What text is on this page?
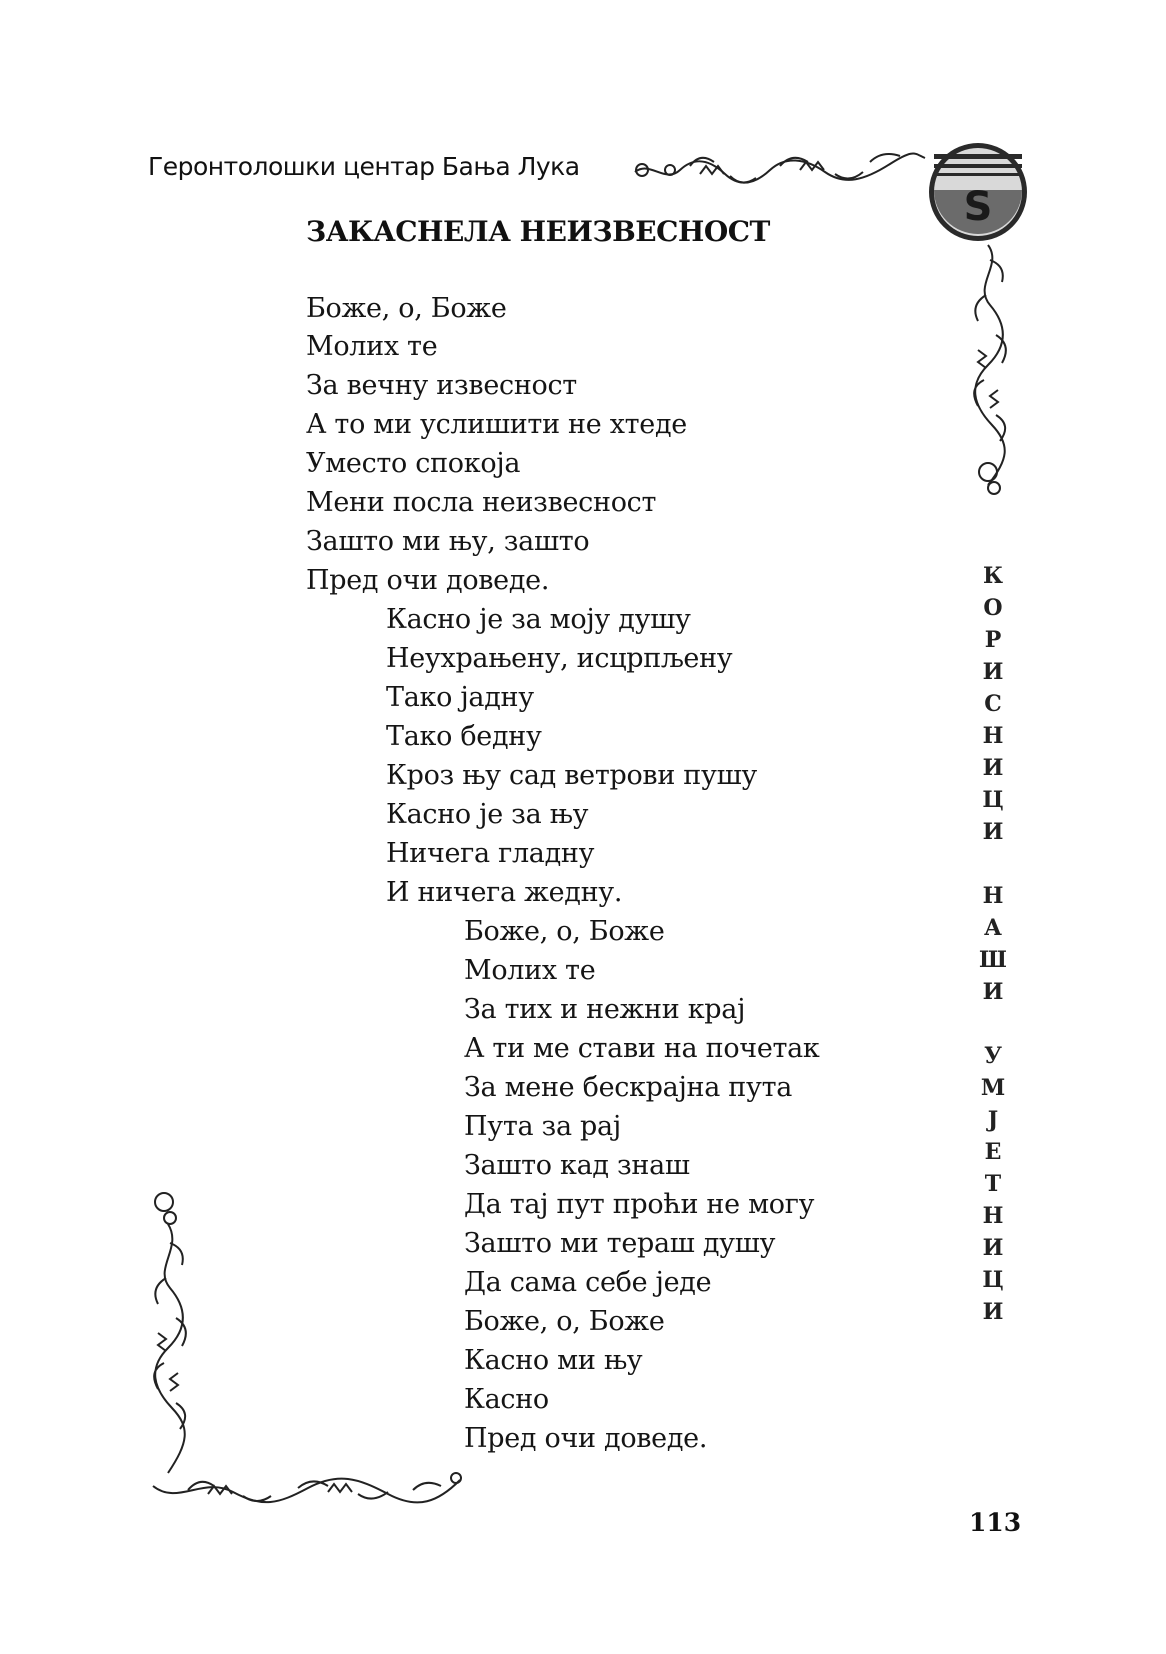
Геронтолошки центар Бања Лука
S
ЗАКАСНЕЛА НЕИЗВЕСНОСТ
Боже, о, Боже
Молих те
За вечну извесност
А то ми услишити не хтеде
Уместо спокоја
Мени посла неизвесност
Зашто ми њу, зашто
Пред очи доведе.
Касно је за моју душу
Неухрањену, исцрпљену
Тако јадну
Тако бедну
Кроз њу сад ветрови пушу
Касно је за њу
Ничега гладну
И ничега жедну.
Боже, о, Боже
Молих те
За тих и нежни крај
А ти ме стави на почетак
За мене бескрајна пута
Пута за рај
Зашто кад знаш
Да тај пут проћи не могу
Зашто ми тераш душу
Да сама себе једе
Боже, о, Боже
Касно ми њу
Касно
Пред очи доведе.
К
О
Р
И
С
Н
И
Ц
И
Н
А
Ш
И
У
М
Ј
Е
Т
Н
И
Ц
И
113
